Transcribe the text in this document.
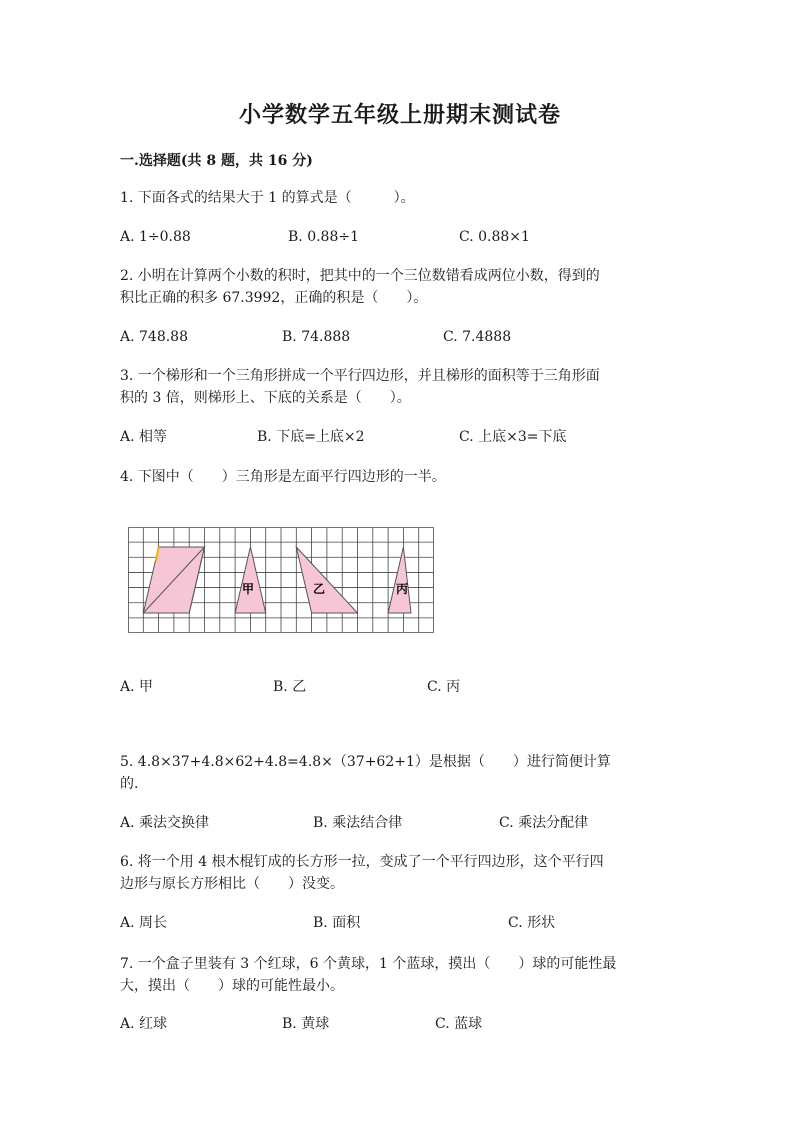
小学数学五年级上册期末测试卷
一.选择题(共 8 题，共 16 分)
1. 下面各式的结果大于 1 的算式是（　　　）。
A. 1÷0.88	B. 0.88÷1	C. 0.88×1
2. 小明在计算两个小数的积时，把其中的一个三位数错看成两位小数，得到的
积比正确的积多 67.3992，正确的积是（　　）。
A. 748.88	B. 74.888	C. 7.4888
3. 一个梯形和一个三角形拼成一个平行四边形，并且梯形的面积等于三角形面
积的 3 倍，则梯形上、下底的关系是（　　）。
A. 相等	B. 下底=上底×2	C. 上底×3=下底
4. 下图中（　　）三角形是左面平行四边形的一半。
甲	乙	丙
A. 甲	B. 乙	C. 丙
5. 4.8×37+4.8×62+4.8=4.8×（37+62+1）是根据（　　）进行简便计算
的.
A. 乘法交换律	B. 乘法结合律	C. 乘法分配律
6. 将一个用 4 根木棍钉成的长方形一拉，变成了一个平行四边形，这个平行四
边形与原长方形相比（　　）没变。
A. 周长	B. 面积	C. 形状
7. 一个盒子里装有 3 个红球，6 个黄球，1 个蓝球，摸出（　　）球的可能性最
大，摸出（　　）球的可能性最小。
A. 红球	B. 黄球	C. 蓝球
